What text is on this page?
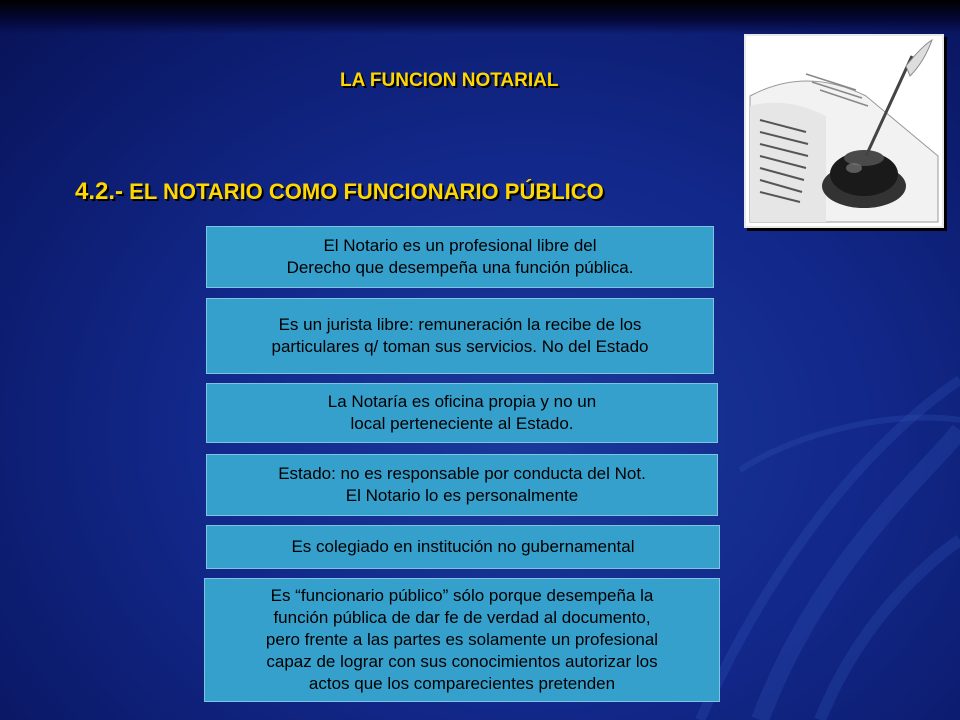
LA FUNCION NOTARIAL
4.2.- EL NOTARIO COMO FUNCIONARIO PÚBLICO
El Notario es un profesional libre del
Derecho que desempeña una función pública.
Es un jurista libre: remuneración la recibe de los
particulares q/ toman sus servicios. No del Estado
La Notaría es oficina propia y no un
local perteneciente al Estado.
Estado: no es responsable por conducta del Not.
El Notario lo es personalmente
Es colegiado en institución no gubernamental
Es “funcionario público” sólo porque desempeña la
función pública de dar fe de verdad al documento,
pero frente a las partes es solamente un profesional
capaz de lograr con sus conocimientos autorizar los
actos que los comparecientes pretenden
